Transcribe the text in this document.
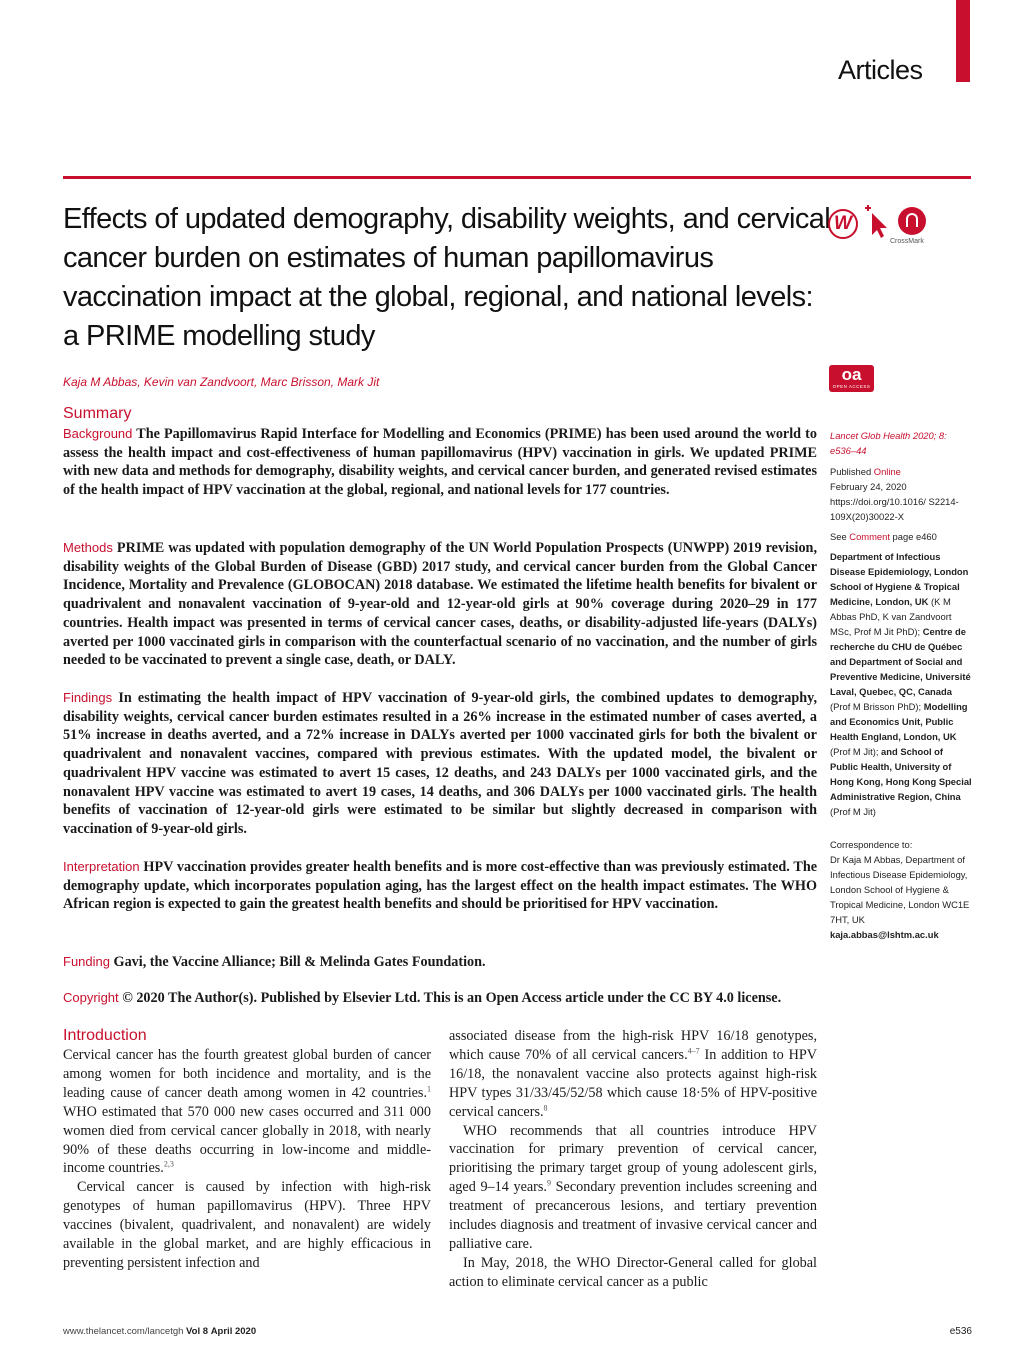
Articles
Effects of updated demography, disability weights, and cervical cancer burden on estimates of human papillomavirus vaccination impact at the global, regional, and national levels: a PRIME modelling study
W
CrossMark
Kaja M Abbas, Kevin van Zandvoort, Marc Brisson, Mark Jit	oa
OPEN ACCESS
Summary
Background The Papillomavirus Rapid Interface for Modelling and Economics (PRIME) has been used around the world to assess the health impact and cost-effectiveness of human papillomavirus (HPV) vaccination in girls. We updated PRIME with new data and methods for demography, disability weights, and cervical cancer burden, and generated revised estimates of the health impact of HPV vaccination at the global, regional, and national levels for 177 countries.
Methods PRIME was updated with population demography of the UN World Population Prospects (UNWPP) 2019 revision, disability weights of the Global Burden of Disease (GBD) 2017 study, and cervical cancer burden from the Global Cancer Incidence, Mortality and Prevalence (GLOBOCAN) 2018 database. We estimated the lifetime health benefits for bivalent or quadrivalent and nonavalent vaccination of 9-year-old and 12-year-old girls at 90% coverage during 2020–29 in 177 countries. Health impact was presented in terms of cervical cancer cases, deaths, or disability-adjusted life-years (DALYs) averted per 1000 vaccinated girls in comparison with the counterfactual scenario of no vaccination, and the number of girls needed to be vaccinated to prevent a single case, death, or DALY.
Findings In estimating the health impact of HPV vaccination of 9-year-old girls, the combined updates to demography, disability weights, cervical cancer burden estimates resulted in a 26% increase in the estimated number of cases averted, a 51% increase in deaths averted, and a 72% increase in DALYs averted per 1000 vaccinated girls for both the bivalent or quadrivalent and nonavalent vaccines, compared with previous estimates. With the updated model, the bivalent or quadrivalent HPV vaccine was estimated to avert 15 cases, 12 deaths, and 243 DALYs per 1000 vaccinated girls, and the nonavalent HPV vaccine was estimated to avert 19 cases, 14 deaths, and 306 DALYs per 1000 vaccinated girls. The health benefits of vaccination of 12-year-old girls were estimated to be similar but slightly decreased in comparison with vaccination of 9-year-old girls.
Interpretation HPV vaccination provides greater health benefits and is more cost-effective than was previously estimated. The demography update, which incorporates population aging, has the largest effect on the health impact estimates. The WHO African region is expected to gain the greatest health benefits and should be prioritised for HPV vaccination.
Funding Gavi, the Vaccine Alliance; Bill & Melinda Gates Foundation.
Copyright © 2020 The Author(s). Published by Elsevier Ltd. This is an Open Access article under the CC BY 4.0 license.
Lancet Glob Health 2020; 8: e536–44
Published Online
February 24, 2020
https://doi.org/10.1016/ S2214-109X(20)30022-X
See Comment page e460
Department of Infectious Disease Epidemiology, London School of Hygiene & Tropical Medicine, London, UK (K M Abbas PhD, K van Zandvoort MSc, Prof M Jit PhD); Centre de recherche du CHU de Québec and Department of Social and Preventive Medicine, Université Laval, Quebec, QC, Canada (Prof M Brisson PhD); Modelling and Economics Unit, Public Health England, London, UK (Prof M Jit); and School of Public Health, University of Hong Kong, Hong Kong Special Administrative Region, China (Prof M Jit)
Correspondence to:
Dr Kaja M Abbas, Department of Infectious Disease Epidemiology, London School of Hygiene & Tropical Medicine, London WC1E 7HT, UK
kaja.abbas@lshtm.ac.uk
Introduction

Cervical cancer has the fourth greatest global burden of cancer among women for both incidence and mortality, and is the leading cause of cancer death among women in 42 countries.$^1$ WHO estimated that 570 000 new cases occurred and 311 000 women died from cervical cancer globally in 2018, with nearly 90% of these deaths occurring in low-income and middle-income countries.$^{2,3}$

Cervical cancer is caused by infection with high-risk genotypes of human papillomavirus (HPV). Three HPV vaccines (bivalent, quadrivalent, and nonavalent) are widely available in the global market, and are highly efficacious in preventing persistent infection and

associated disease from the high-risk HPV 16/18 genotypes, which cause 70% of all cervical cancers.$^{4-7}$ In addition to HPV 16/18, the nonavalent vaccine also protects against high-risk HPV types 31/33/45/52/58 which cause 18·5% of HPV-positive cervical cancers.$^8$

WHO recommends that all countries introduce HPV vaccination for primary prevention of cervical cancer, prioritising the primary target group of young adolescent girls, aged 9–14 years.$^9$ Secondary prevention includes screening and treatment of precancerous lesions, and tertiary prevention includes diagnosis and treatment of invasive cervical cancer and palliative care.

In May, 2018, the WHO Director-General called for global action to eliminate cervical cancer as a public

www.thelancet.com/lancetgh Vol 8 April 2020	e536
